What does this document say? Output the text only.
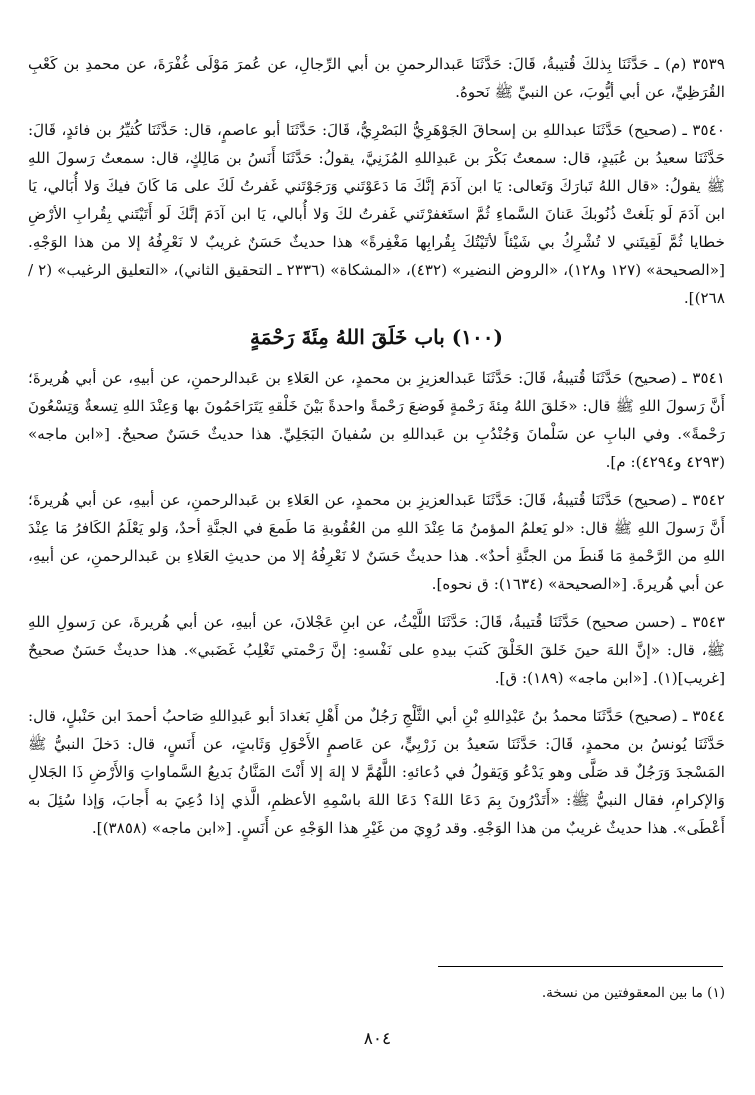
٣٥٣٩ (م) ـ حَدَّثَنَا بِذلكَ قُتيبةُ، قَالَ: حَدَّثَنَا عَبدالرحمنِ بن أبي الرِّجالِ، عن عُمرَ مَوْلَى غُفْرَةَ، عن محمدِ بن كَعْبِ القُرَظِيِّ، عن أبي أيُّوبَ، عن النبيِّ ﷺ نَحوهُ.

٣٥٤٠ ـ (صحيح) حَدَّثَنَا عبداللهِ بن إسحاقَ الجَوْهَرِيُّ البَصْرِيُّ، قَالَ: حَدَّثَنَا أبو عاصمٍ، قال: حَدَّثَنَا كُثيِّرُ بن فائدٍ، قَالَ: حَدَّثَنَا سعيدُ بن عُبَيدٍ، قال: سمعتُ بَكْرَ بن عَبدِاللهِ المُزَنِيَّ، يقولُ: حَدَّثَنَا أَنَسُ بن مَالِكٍ، قال: سمعتُ رَسولَ اللهِ ﷺ يقولُ: «قال اللهُ تَبارَكَ وَتَعالى: يَا ابن آدَمَ إنَّكَ مَا دَعَوْتَني وَرَجَوْتَني غَفرتُ لَكَ على مَا كَانَ فيكَ وَلا أُبَالي، يَا ابن آدَمَ لَو بَلَغتْ ذُنُوبكَ عَنانَ السَّماءِ ثُمَّ استَغفرْتَني غَفرتُ لكَ وَلا أُبالي، يَا ابن آدَمَ إنَّكَ لَو أَتَيْتَني بِقُرابِ الأرْضِ خطايا ثُمَّ لَقِيتَني لا تُشْرِكُ بي شَيْئاً لأتَيْتُكَ بِقُرابِها مَغْفِرةً» هذا حديثٌ حَسَنٌ غريبٌ لا نَعْرِفُهُ إلا من هذا الوَجْهِ. [«الصحيحة» (١٢٧ و١٢٨)، «الروض النضير» (٤٣٢)، «المشكاة» (٢٣٣٦ ـ التحقيق الثاني)، «التعليق الرغيب» (٢ / ٢٦٨)].

(١٠٠) باب خَلَقَ اللهُ مِئَةَ رَحْمَةٍ

٣٥٤١ ـ (صحيح) حَدَّثَنَا قُتيبةُ، قَالَ: حَدَّثَنَا عَبدالعزيزِ بن محمدٍ، عن العَلاءِ بن عَبدالرحمنِ، عن أبيهِ، عن أبي هُريرةَ؛ أَنَّ رَسولَ اللهِ ﷺ قال: «خَلقَ اللهُ مِئةَ رَحْمةٍ فَوضعَ رَحْمةً واحدةً بَيْنَ خَلْقهِ يَتَرَاحَمُونَ بها وَعِنْدَ اللهِ تِسعةٌ وَتِسْعُونَ رَحْمةً». وفي البابِ عن سَلْمانَ وَجُنْدُبِ بن عَبداللهِ بن سُفيانَ البَجَلِيِّ. هذا حديثٌ حَسَنٌ صحيحٌ. [«ابن ماجه» (٤٢٩٣ و٤٢٩٤): م].

٣٥٤٢ ـ (صحيح) حَدَّثَنَا قُتيبةُ، قَالَ: حَدَّثَنَا عَبدالعزيزِ بن محمدٍ، عن العَلاءِ بن عَبدالرحمنِ، عن أبيهِ، عن أبي هُريرةَ؛ أَنَّ رَسولَ اللهِ ﷺ قال: «لو يَعلمُ المؤمنُ مَا عِنْدَ اللهِ من العُقُوبةِ مَا طَمعَ في الجنَّةِ أحدٌ، وَلو يَعْلَمُ الكَافرُ مَا عِنْدَ اللهِ من الرَّحْمةِ مَا قَنطَ من الجنَّةِ أحدٌ». هذا حديثٌ حَسَنٌ لا نَعْرِفُهُ إلا من حديثِ العَلاءِ بن عَبدالرحمنِ، عن أبيهِ، عن أبي هُريرةَ. [«الصحيحة» (١٦٣٤): ق نحوه].

٣٥٤٣ ـ (حسن صحيح) حَدَّثَنَا قُتيبةُ، قَالَ: حَدَّثَنَا اللَّيْثُ، عن ابنِ عَجْلانَ، عن أبيهِ، عن أبي هُريرةَ، عن رَسولِ اللهِ ﷺ، قال: «إنَّ اللهَ حينَ خَلقَ الخَلْقَ كَتبَ بيدهِ على نَفْسهِ: إنَّ رَحْمتي تَغْلِبُ غَضَبي». هذا حديثٌ حَسَنٌ صحيحٌ [غريب](١). [«ابن ماجه» (١٨٩): ق].

٣٥٤٤ ـ (صحيح) حَدَّثَنَا محمدُ بنُ عَبْدِاللهِ بْنِ أبي الثَّلْجِ رَجُلٌ من أَهْلِ بَغدادَ أبو عَبدِاللهِ صَاحبُ أحمدَ ابن حَنْبلٍ، قال: حَدَّثَنَا يُونسُ بن محمدٍ، قَالَ: حَدَّثَنَا سَعيدُ بن زَرْبِيٍّ، عن عَاصمٍ الأَحْوَلِ وَثَابتٍ، عن أَنَسٍ، قال: دَخلَ النبيُّ ﷺ المَسْجدَ وَرَجُلٌ قد صَلَّى وهو يَدْعُو وَيَقولُ في دُعائهِ: اللَّهُمَّ لا إلهَ إلا أَنْتَ المَنَّانُ بَديعُ السَّماواتِ وَالأَرْضِ ذَا الجَلالِ وَالإكرامِ، فقال النبيُّ ﷺ: «أَتَدْرُونَ بِمَ دَعَا اللهَ؟ دَعَا اللهَ باسْمِهِ الأعظمِ، الَّذي إذا دُعِيَ به أَجابَ، وَإذا سُئِلَ به أَعْطَى». هذا حديثٌ غريبٌ من هذا الوَجْهِ. وقد رُوِيَ من غَيْرِ هذا الوَجْهِ عن أَنَسٍ. [«ابن ماجه» (٣٨٥٨)].

(١) ما بين المعقوفتين من نسخة.
٨٠٤
